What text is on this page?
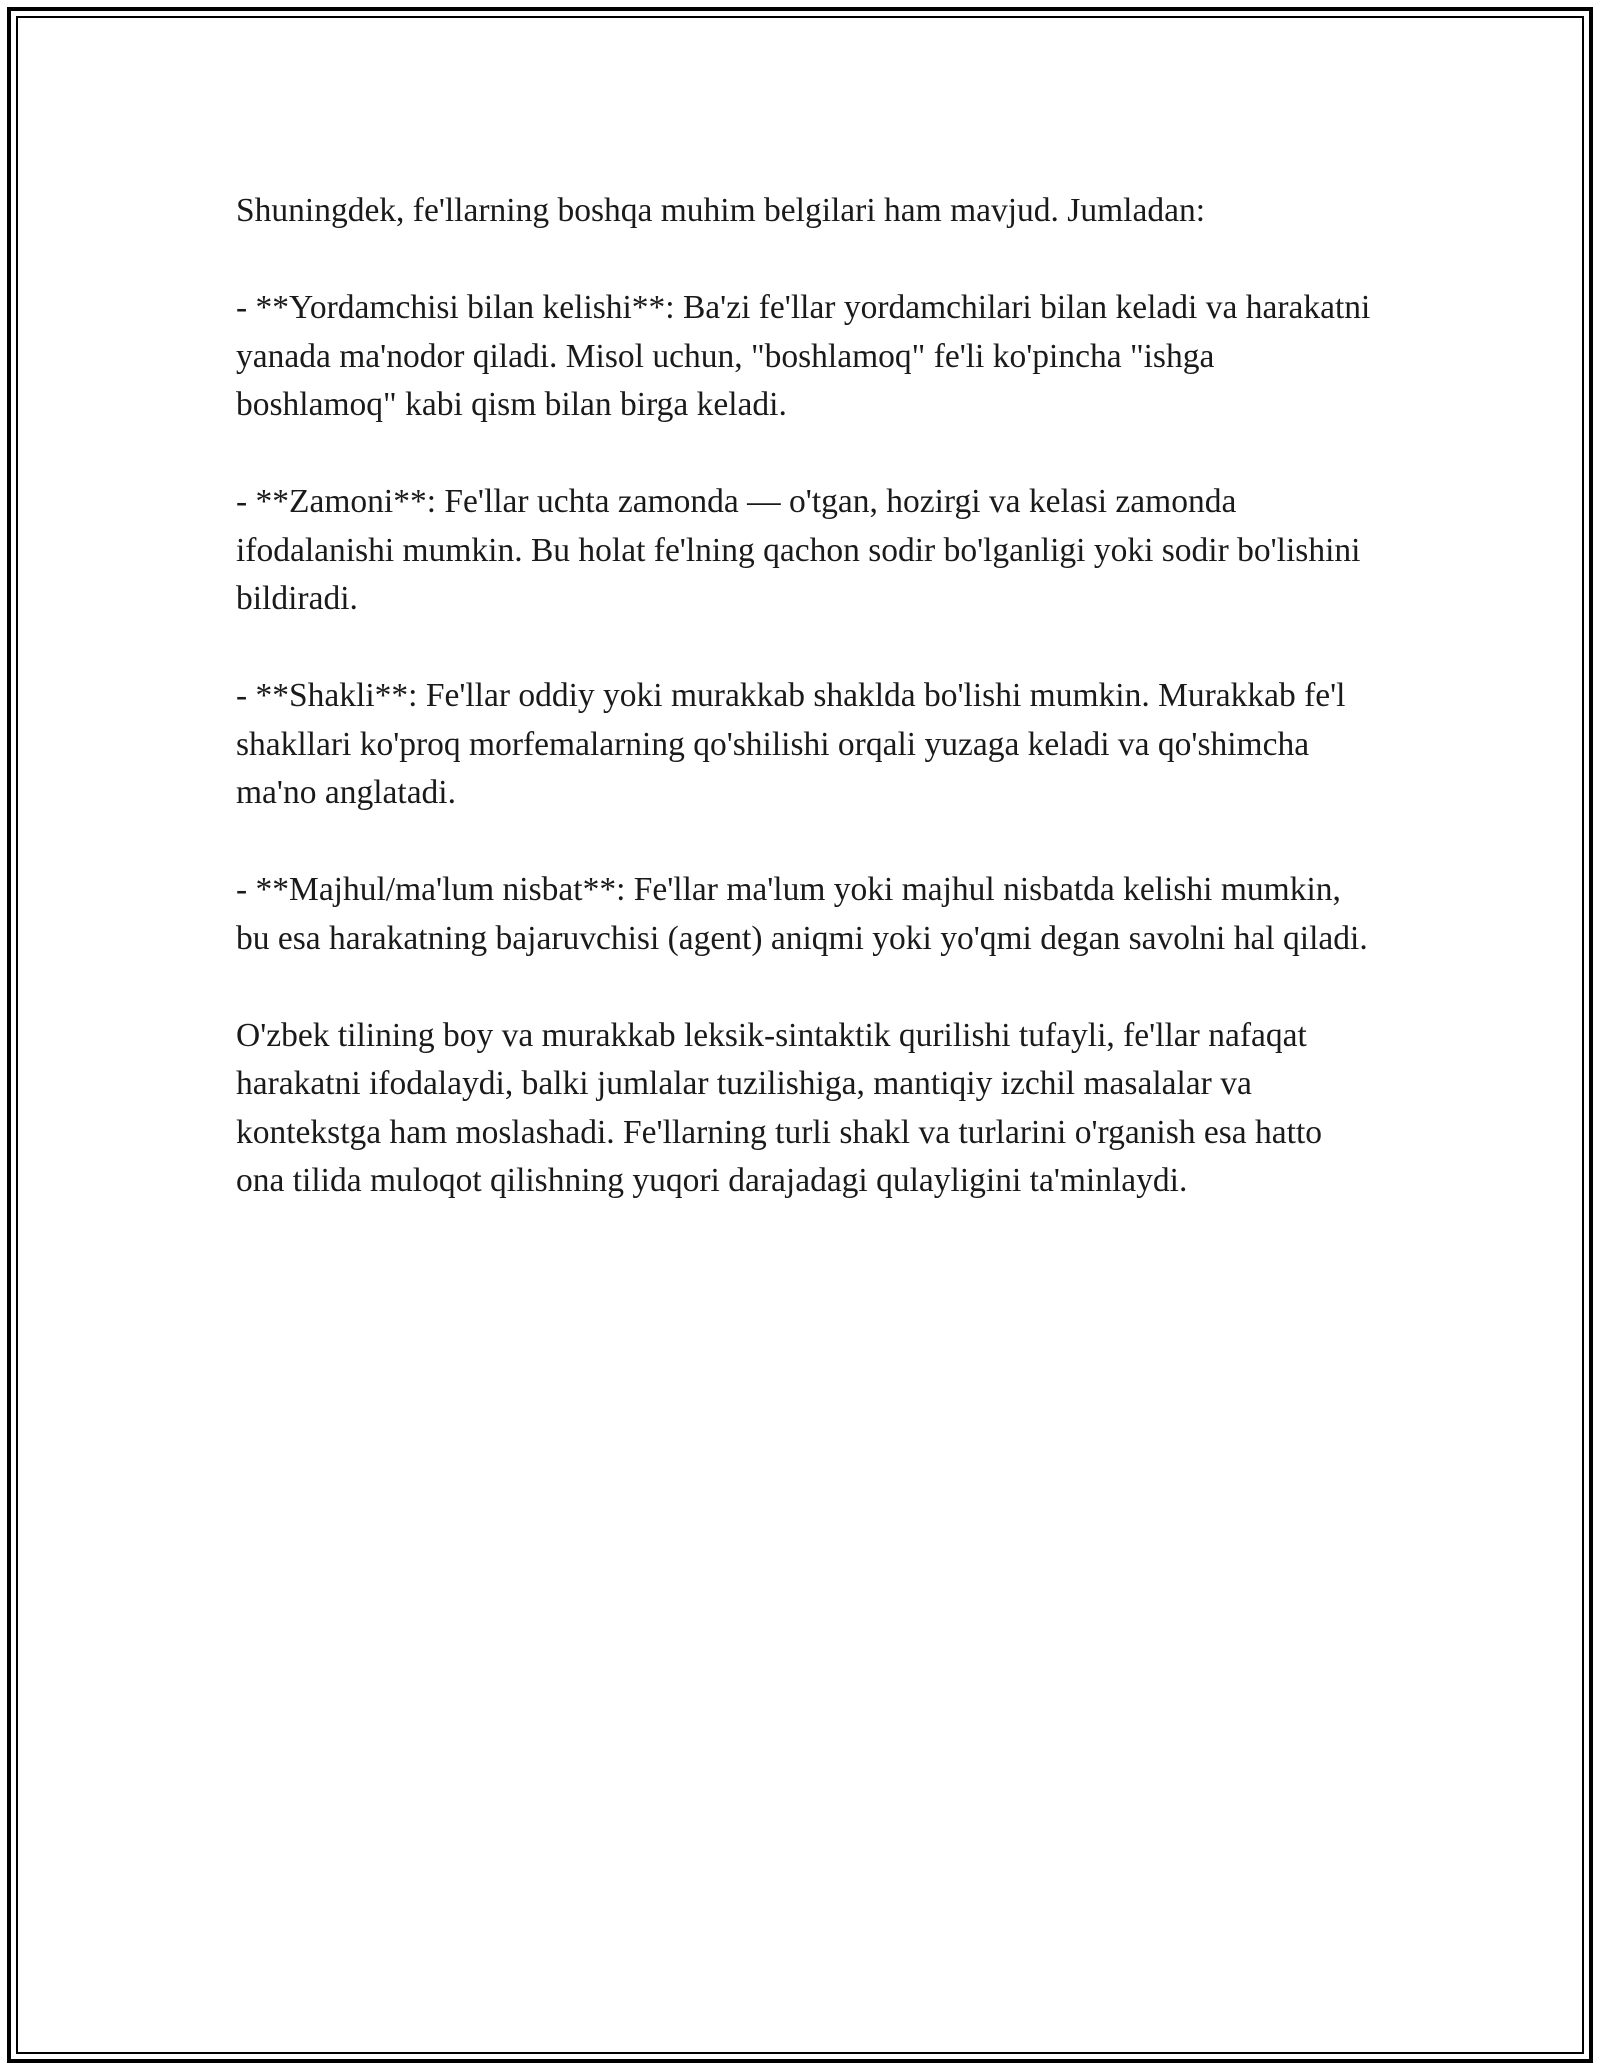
Shuningdek, fe'llarning boshqa muhim belgilari ham mavjud. Jumladan:

- **Yordamchisi bilan kelishi**: Ba'zi fe'llar yordamchilari bilan keladi va harakatni yanada ma'nodor qiladi. Misol uchun, "boshlamoq" fe'li ko'pincha "ishga boshlamoq" kabi qism bilan birga keladi.

- **Zamoni**: Fe'llar uchta zamonda — o'tgan, hozirgi va kelasi zamonda ifodalanishi mumkin. Bu holat fe'lning qachon sodir bo'lganligi yoki sodir bo'lishini bildiradi.

- **Shakli**: Fe'llar oddiy yoki murakkab shaklda bo'lishi mumkin. Murakkab fe'l shakllari ko'proq morfemalarning qo'shilishi orqali yuzaga keladi va qo'shimcha ma'no anglatadi.

- **Majhul/ma'lum nisbat**: Fe'llar ma'lum yoki majhul nisbatda kelishi mumkin, bu esa harakatning bajaruvchisi (agent) aniqmi yoki yo'qmi degan savolni hal qiladi.

O'zbek tilining boy va murakkab leksik-sintaktik qurilishi tufayli, fe'llar nafaqat harakatni ifodalaydi, balki jumlalar tuzilishiga, mantiqiy izchil masalalar va kontekstga ham moslashadi. Fe'llarning turli shakl va turlarini o'rganish esa hatto ona tilida muloqot qilishning yuqori darajadagi qulayligini ta'minlaydi.
